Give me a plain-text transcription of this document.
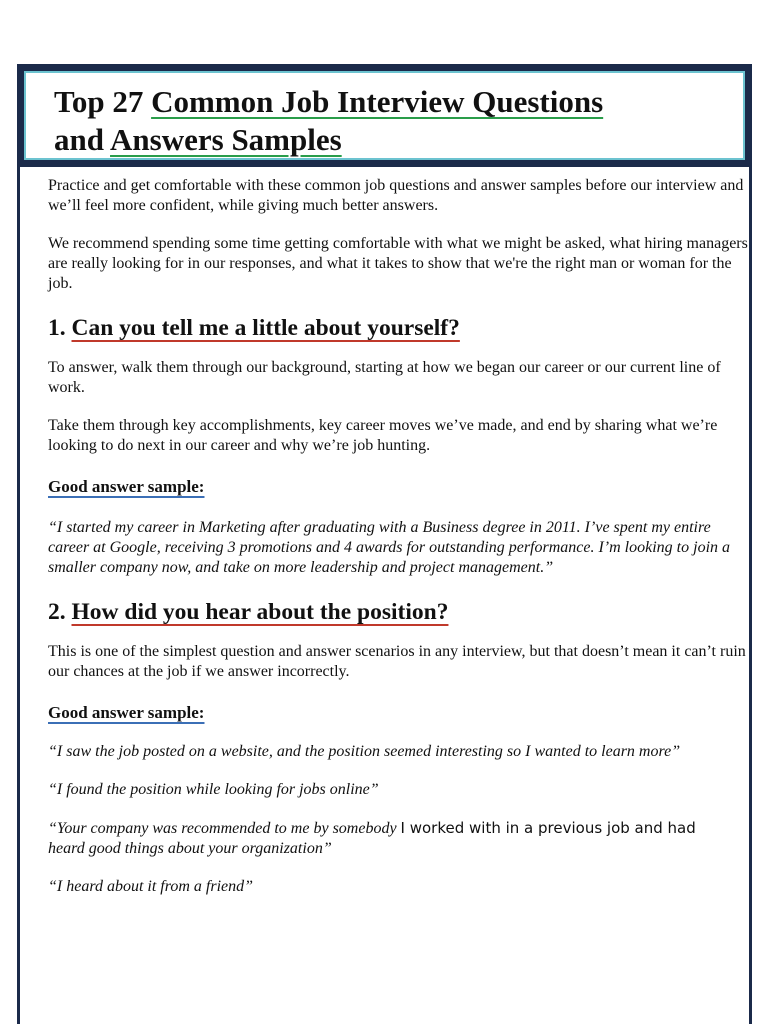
Top 27 Common Job Interview Questions
and Answers Samples

Practice and get comfortable with these common job questions and answer samples before our interview and we’ll feel more confident, while giving much better answers.

We recommend spending some time getting comfortable with what we might be asked, what hiring managers are really looking for in our responses, and what it takes to show that we're the right man or woman for the job.

1. Can you tell me a little about yourself?

To answer, walk them through our background, starting at how we began our career or our current line of work.

Take them through key accomplishments, key career moves we’ve made, and end by sharing what we’re looking to do next in our career and why we’re job hunting.

Good answer sample:

“I started my career in Marketing after graduating with a Business degree in 2011. I’ve spent my entire career at Google, receiving 3 promotions and 4 awards for outstanding performance. I’m looking to join a smaller company now, and take on more leadership and project management.”

2. How did you hear about the position?

This is one of the simplest question and answer scenarios in any interview, but that doesn’t mean it can’t ruin our chances at the job if we answer incorrectly.

Good answer sample:

“I saw the job posted on a website, and the position seemed interesting so I wanted to learn more”

“I found the position while looking for jobs online”

“Your company was recommended to me by somebody I worked with in a previous job and had
heard good things about your organization”

“I heard about it from a friend”
